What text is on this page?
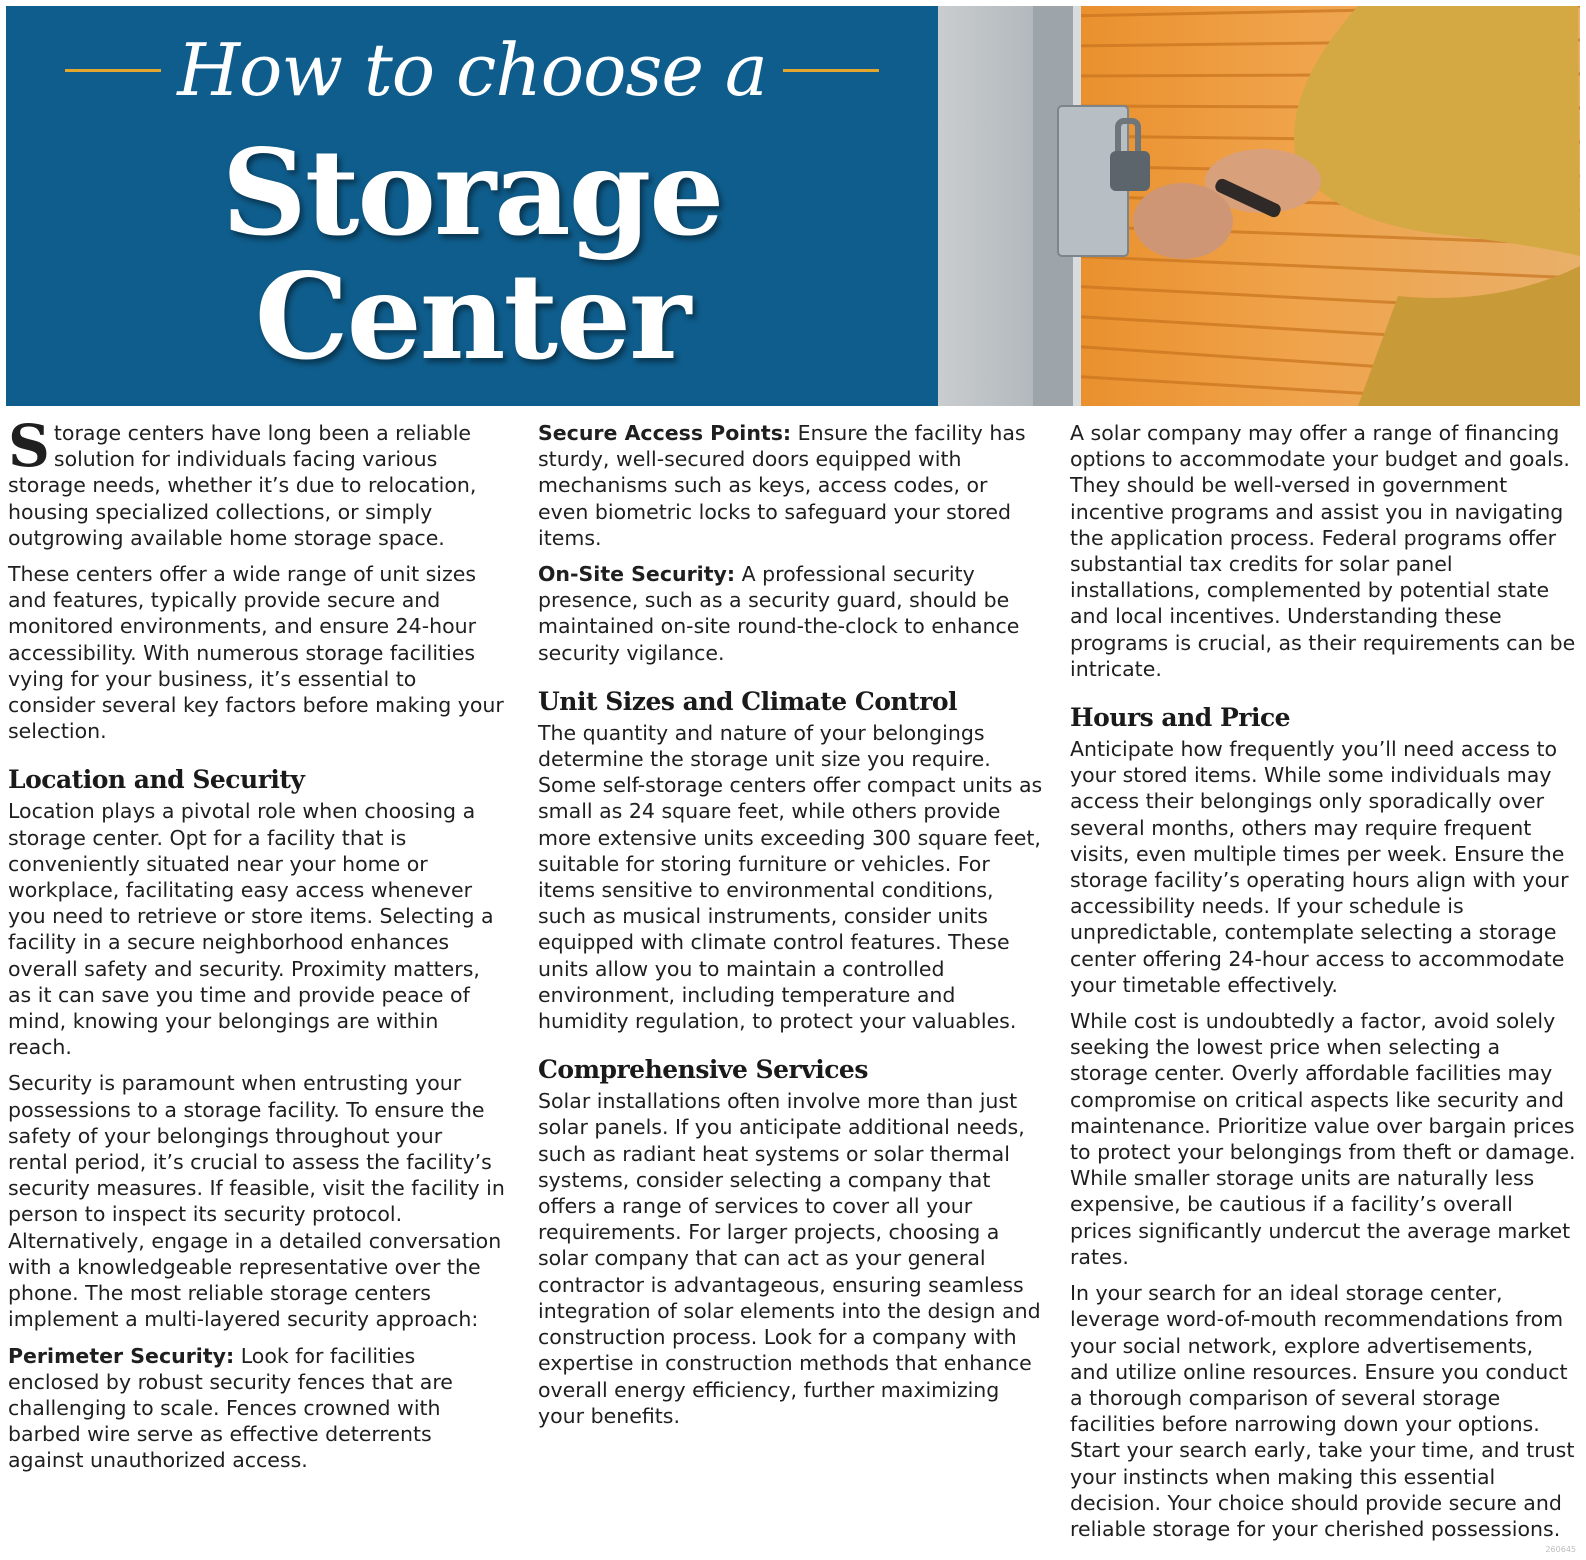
How to choose a
Storage
Center

Storage centers have long been a reliable solution for individuals facing various storage needs, whether it’s due to relocation, housing specialized collections, or simply outgrowing available home storage space.

These centers offer a wide range of unit sizes and features, typically provide secure and monitored environments, and ensure 24-hour accessibility. With numerous storage facilities vying for your business, it’s essential to consider several key factors before making your selection.

Location and Security

Location plays a pivotal role when choosing a storage center. Opt for a facility that is conveniently situated near your home or workplace, facilitating easy access whenever you need to retrieve or store items. Selecting a facility in a secure neighborhood enhances overall safety and security. Proximity matters, as it can save you time and provide peace of mind, knowing your belongings are within reach.

Security is paramount when entrusting your possessions to a storage facility. To ensure the safety of your belongings throughout your rental period, it’s crucial to assess the facility’s security measures. If feasible, visit the facility in person to inspect its security protocol. Alternatively, engage in a detailed conversation with a knowledgeable representative over the phone. The most reliable storage centers implement a multi-layered security approach:

Perimeter Security: Look for facilities enclosed by robust security fences that are challenging to scale. Fences crowned with barbed wire serve as effective deterrents against unauthorized access.

Secure Access Points: Ensure the facility has sturdy, well-secured doors equipped with mechanisms such as keys, access codes, or even biometric locks to safeguard your stored items.

On-Site Security: A professional security presence, such as a security guard, should be maintained on-site round-the-clock to enhance security vigilance.

Unit Sizes and Climate Control

The quantity and nature of your belongings determine the storage unit size you require. Some self-storage centers offer compact units as small as 24 square feet, while others provide more extensive units exceeding 300 square feet, suitable for storing furniture or vehicles. For items sensitive to environmental conditions, such as musical instruments, consider units equipped with climate control features. These units allow you to maintain a controlled environment, including temperature and humidity regulation, to protect your valuables.

Comprehensive Services

Solar installations often involve more than just solar panels. If you anticipate additional needs, such as radiant heat systems or solar thermal systems, consider selecting a company that offers a range of services to cover all your requirements. For larger projects, choosing a solar company that can act as your general contractor is advantageous, ensuring seamless integration of solar elements into the design and construction process. Look for a company with expertise in construction methods that enhance overall energy efficiency, further maximizing your benefits.

A solar company may offer a range of financing options to accommodate your budget and goals. They should be well-versed in government incentive programs and assist you in navigating the application process. Federal programs offer substantial tax credits for solar panel installations, complemented by potential state and local incentives. Understanding these programs is crucial, as their requirements can be intricate.

Hours and Price

Anticipate how frequently you’ll need access to your stored items. While some individuals may access their belongings only sporadically over several months, others may require frequent visits, even multiple times per week. Ensure the storage facility’s operating hours align with your accessibility needs. If your schedule is unpredictable, contemplate selecting a storage center offering 24-hour access to accommodate your timetable effectively.

While cost is undoubtedly a factor, avoid solely seeking the lowest price when selecting a storage center. Overly affordable facilities may compromise on critical aspects like security and maintenance. Prioritize value over bargain prices to protect your belongings from theft or damage. While smaller storage units are naturally less expensive, be cautious if a facility’s overall prices significantly undercut the average market rates.

In your search for an ideal storage center, leverage word-of-mouth recommendations from your social network, explore advertisements, and utilize online resources. Ensure you conduct a thorough comparison of several storage facilities before narrowing down your options. Start your search early, take your time, and trust your instincts when making this essential decision. Your choice should provide secure and reliable storage for your cherished possessions.

260645
